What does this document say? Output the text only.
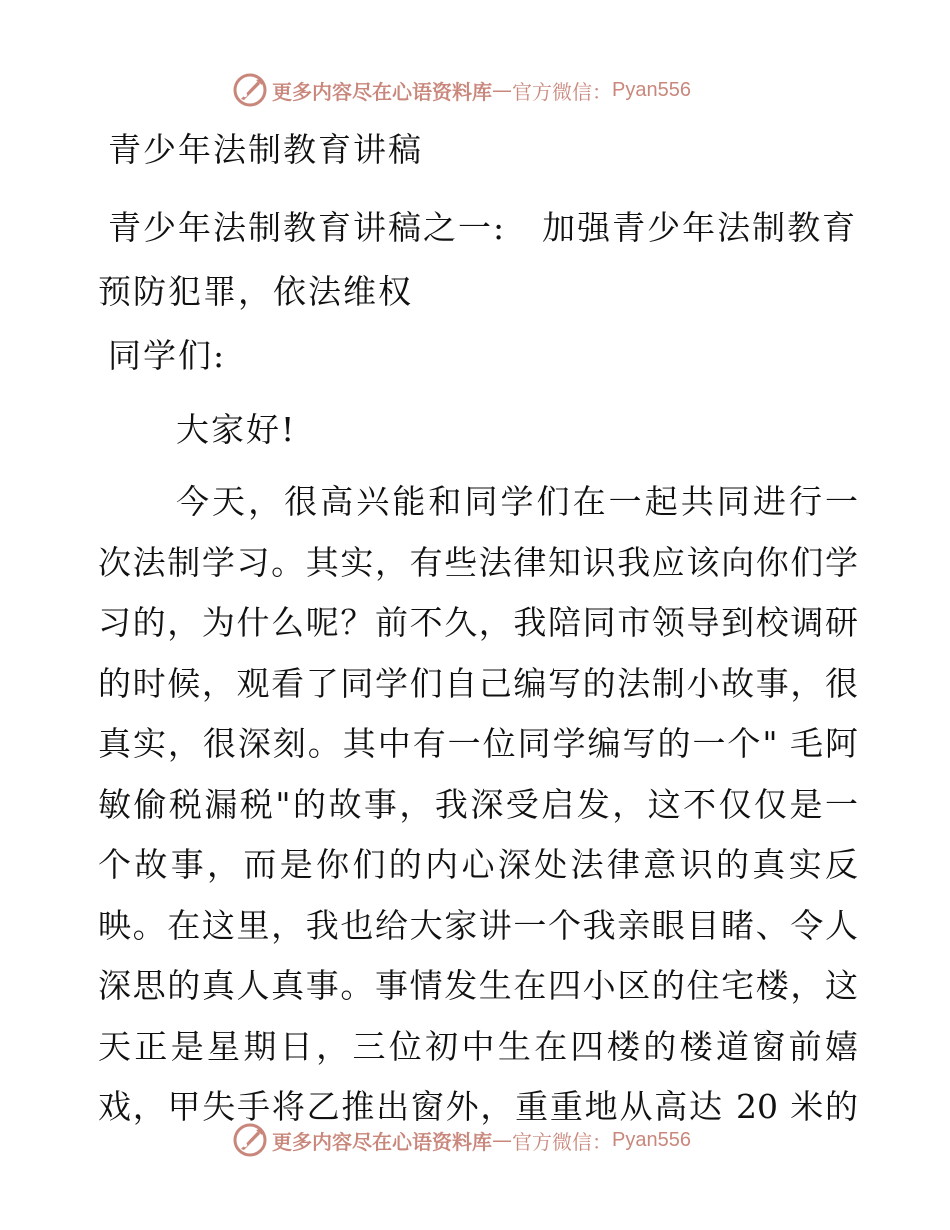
更多内容尽在心语资料库 — 官方微信： Pyan556
青少年法制教育讲稿
青少年法制教育讲稿之一: 加强青少年法制教育
预防犯罪，依法维权
同学们:
大家好!
今天，很高兴能和同学们在一起共同进行一
次法制学习。其实，有些法律知识我应该向你们学
习的，为什么呢？前不久，我陪同市领导到校调研
的时候，观看了同学们自己编写的法制小故事，很
真实，很深刻。其中有一位同学编写的一个" 毛阿
敏偷税漏税"的故事，我深受启发，这不仅仅是一
个故事，而是你们的内心深处法律意识的真实反
映。在这里，我也给大家讲一个我亲眼目睹、令人
深思的真人真事。事情发生在四小区的住宅楼，这
天正是星期日，三位初中生在四楼的楼道窗前嬉
戏，甲失手将乙推出窗外，重重地从高达 20 米的
更多内容尽在心语资料库 — 官方微信： Pyan556
